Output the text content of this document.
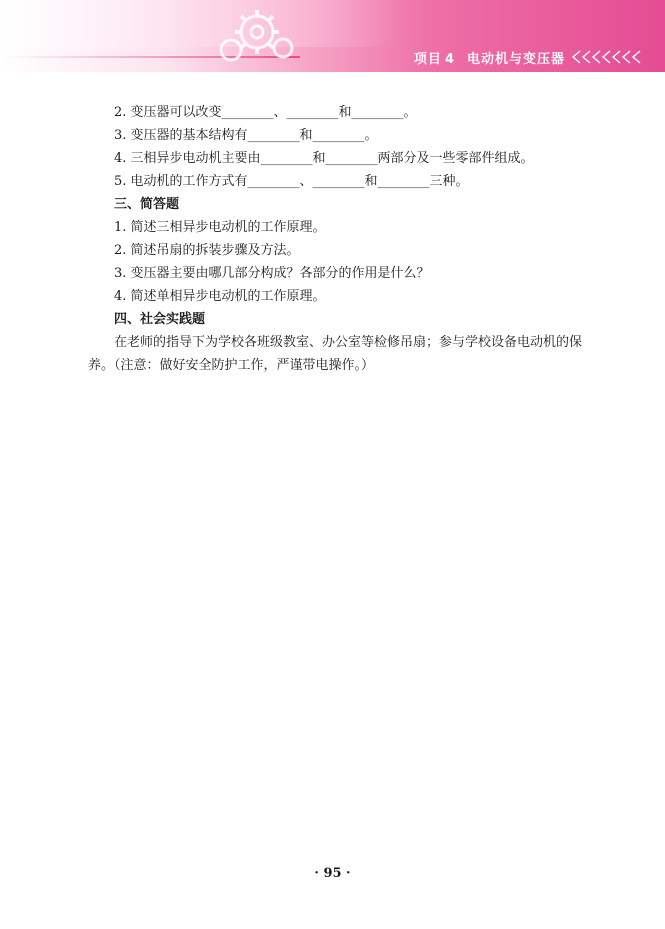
项目 4 电动机与变压器
2. 变压器可以改变________、________和________。
3. 变压器的基本结构有________和________。
4. 三相异步电动机主要由________和________两部分及一些零部件组成。
5. 电动机的工作方式有________、________和________三种。
三、简答题
1. 简述三相异步电动机的工作原理。
2. 简述吊扇的拆装步骤及方法。
3. 变压器主要由哪几部分构成？各部分的作用是什么？
4. 简述单相异步电动机的工作原理。
四、社会实践题
在老师的指导下为学校各班级教室、办公室等检修吊扇；参与学校设备电动机的保养。（注意：做好安全防护工作，严谨带电操作。）
· 95 ·
